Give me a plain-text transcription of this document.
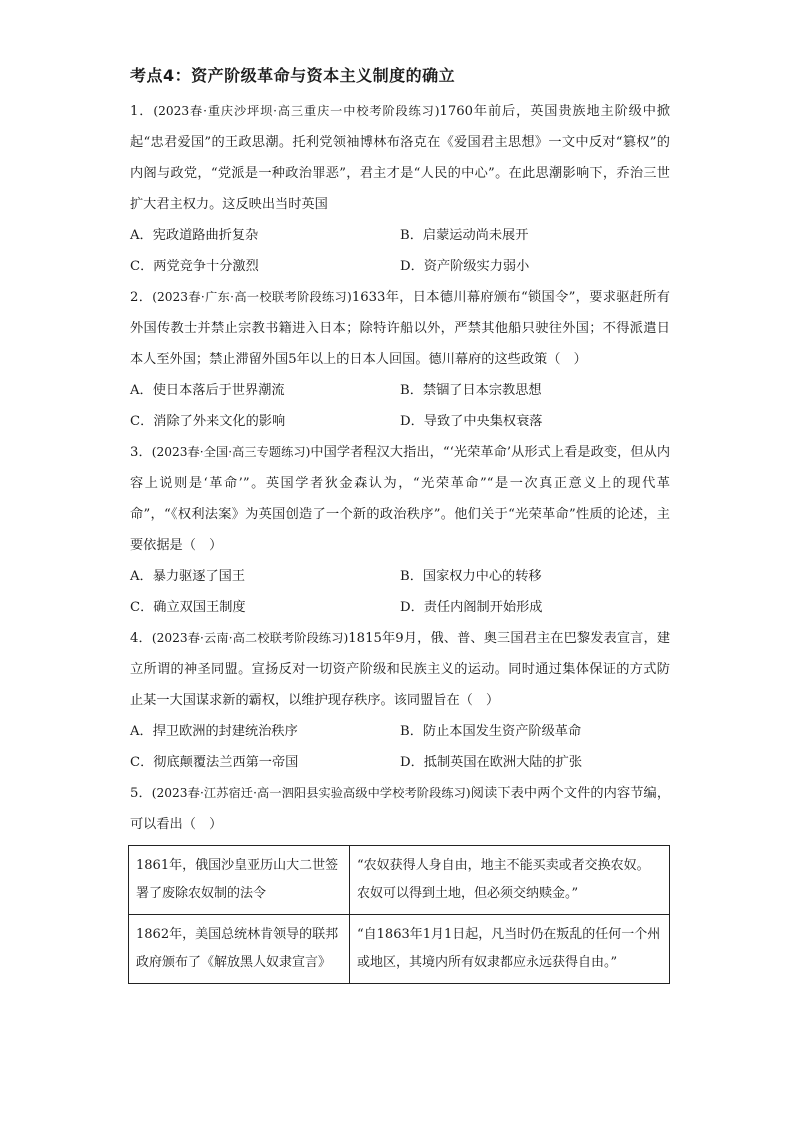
考点4：资产阶级革命与资本主义制度的确立

1．(2023春·重庆沙坪坝·高三重庆一中校考阶段练习)1760年前后，英国贵族地主阶级中掀起“忠君爱国”的王政思潮。托利党领袖博林布洛克在《爱国君主思想》一文中反对“篡权”的内阁与政党，“党派是一种政治罪恶”，君主才是“人民的中心”。在此思潮影响下，乔治三世扩大君主权力。这反映出当时英国

A．宪政道路曲折复杂	B．启蒙运动尚未展开
C．两党竞争十分激烈	D．资产阶级实力弱小

2．(2023春·广东·高一校联考阶段练习)1633年，日本德川幕府颁布“锁国令”，要求驱赶所有外国传教士并禁止宗教书籍进入日本；除特许船以外，严禁其他船只驶往外国；不得派遣日本人至外国；禁止滞留外国5年以上的日本人回国。德川幕府的这些政策（　）

A．使日本落后于世界潮流	B．禁锢了日本宗教思想
C．消除了外来文化的影响	D．导致了中央集权衰落

3．(2023春·全国·高三专题练习)中国学者程汉大指出，“‘光荣革命’从形式上看是政变，但从内容上说则是‘革命’”。英国学者狄金森认为，“光荣革命”“是一次真正意义上的现代革命”，“《权利法案》为英国创造了一个新的政治秩序”。他们关于“光荣革命”性质的论述，主要依据是（　）

A．暴力驱逐了国王	B．国家权力中心的转移
C．确立双国王制度	D．责任内阁制开始形成

4．(2023春·云南·高二校联考阶段练习)1815年9月，俄、普、奥三国君主在巴黎发表宣言，建立所谓的神圣同盟。宣扬反对一切资产阶级和民族主义的运动。同时通过集体保证的方式防止某一大国谋求新的霸权，以维护现存秩序。该同盟旨在（　）

A．捍卫欧洲的封建统治秩序	B．防止本国发生资产阶级革命
C．彻底颠覆法兰西第一帝国	D．抵制英国在欧洲大陆的扩张

5．(2023春·江苏宿迁·高一泗阳县实验高级中学校考阶段练习)阅读下表中两个文件的内容节编，可以看出（　）

1861年，俄国沙皇亚历山大二世签署了废除农奴制的法令	“农奴获得人身自由，地主不能买卖或者交换农奴。农奴可以得到土地，但必须交纳赎金。”
1862年，美国总统林肯领导的联邦政府颁布了《解放黑人奴隶宣言》	“自1863年1月1日起，凡当时仍在叛乱的任何一个州或地区，其境内所有奴隶都应永远获得自由。”
